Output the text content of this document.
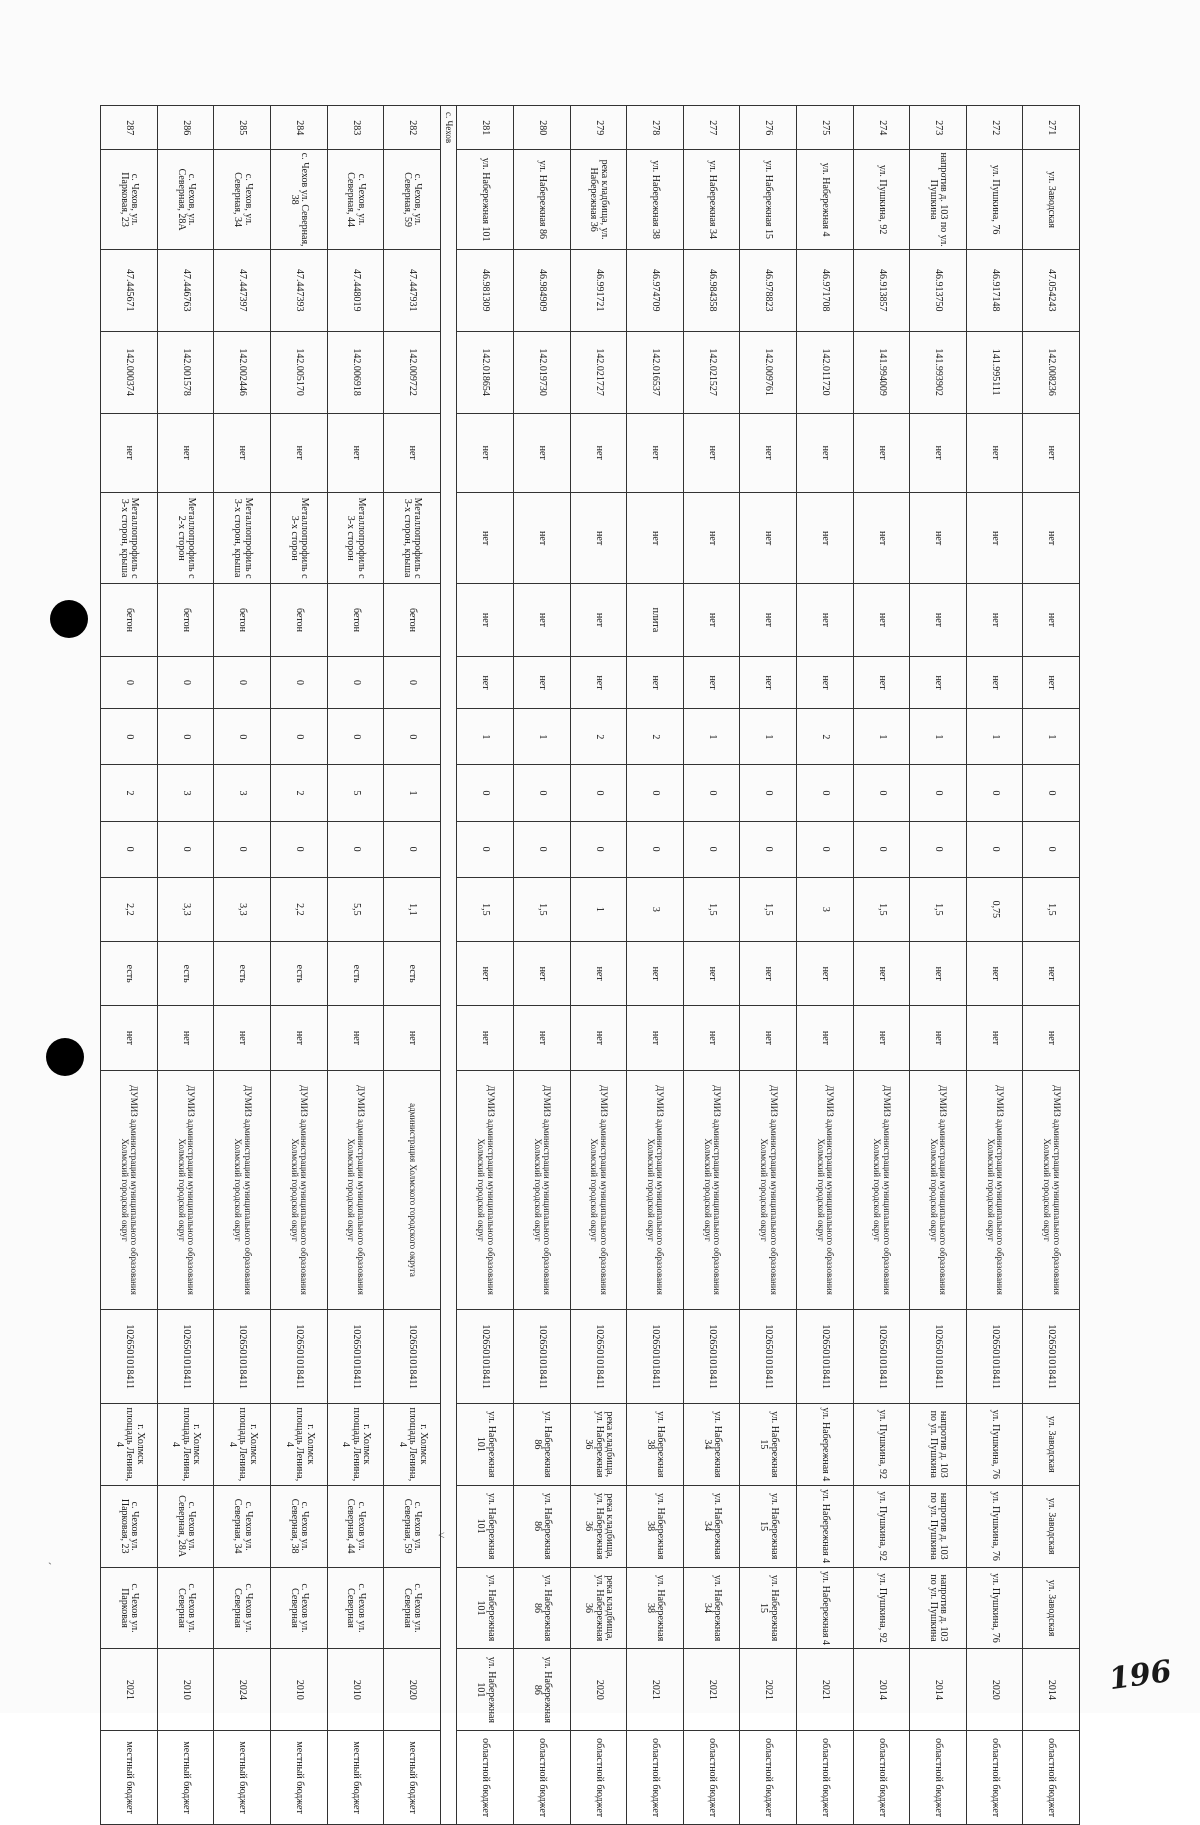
`
<
271	ул. Заводская	47.054243	142.008236	нет	нет	нет	нет	1	0	0	1,5	нет	нет	ДУМИЗ администрации муниципального образования Холмский городской округ	1026501018411	ул. Заводская	ул. Заводская	ул. Заводская	2014	областной бюджет
272	ул. Пушкина, 76	46.917148	141.995111	нет	нет	нет	нет	1	0	0	0,75	нет	нет	ДУМИЗ администрации муниципального образования Холмский городской округ	1026501018411	ул. Пушкина, 76	ул. Пушкина, 76	ул. Пушкина, 76	2020	областной бюджет
273	напротив д. 103 по ул. Пушкина	46.913750	141.993902	нет	нет	нет	нет	1	0	0	1,5	нет	нет	ДУМИЗ администрации муниципального образования Холмский городской округ	1026501018411	напротив д. 103 по ул. Пушкина	напротив д. 103 по ул. Пушкина	напротив д. 103 по ул. Пушкина	2014	областной бюджет
274	ул. Пушкина, 92	46.913857	141.994009	нет	нет	нет	нет	1	0	0	1,5	нет	нет	ДУМИЗ администрации муниципального образования Холмский городской округ	1026501018411	ул. Пушкина, 92	ул. Пушкина, 92	ул. Пушкина, 92	2014	областной бюджет
275	ул. Набережная 4	46.971708	142.011720	нет	нет	нет	нет	2	0	0	3	нет	нет	ДУМИЗ администрации муниципального образования Холмский городской округ	1026501018411	ул. Набережная 4	ул. Набережная 4	ул. Набережная 4	2021	областной бюджет
276	ул. Набережная 15	46.978823	142.009761	нет	нет	нет	нет	1	0	0	1,5	нет	нет	ДУМИЗ администрации муниципального образования Холмский городской округ	1026501018411	ул. Набережная 15	ул. Набережная 15	ул. Набережная 15	2021	областной бюджет
277	ул. Набережная 34	46.984358	142.021527	нет	нет	нет	нет	1	0	0	1,5	нет	нет	ДУМИЗ администрации муниципального образования Холмский городской округ	1026501018411	ул. Набережная 34	ул. Набережная 34	ул. Набережная 34	2021	областной бюджет
278	ул. Набережная 38	46.974709	142.016537	нет	нет	плита	нет	2	0	0	3	нет	нет	ДУМИЗ администрации муниципального образования Холмский городской округ	1026501018411	ул. Набережная 38	ул. Набережная 38	ул. Набережная 38	2021	областной бюджет
279	река кладбища, ул. Набережная 36	46.991721	142.021727	нет	нет	нет	нет	2	0	0	1	нет	нет	ДУМИЗ администрации муниципального образования Холмский городской округ	1026501018411	река кладбища, ул. Набережная 36	река кладбища, ул. Набережная 36	река кладбища, ул. Набережная 36	2020	областной бюджет
280	ул. Набережная 86	46.984909	142.019730	нет	нет	нет	нет	1	0	0	1,5	нет	нет	ДУМИЗ администрации муниципального образования Холмский городской округ	1026501018411	ул. Набережная 86	ул. Набережная 86	ул. Набережная 86	ул. Набережная 86	областной бюджет
281	ул. Набережная 101	46.981309	142.018654	нет	нет	нет	нет	1	0	0	1,5	нет	нет	ДУМИЗ администрации муниципального образования Холмский городской округ	1026501018411	ул. Набережная 101	ул. Набережная 101	ул. Набережная 101	ул. Набережная 101	областной бюджет
с. Чехов																				
282	с. Чехов, ул. Северная, 59	47.447931	142.009722	нет	Металлопрофиль с 3-х сторон, крыша	бетон	0	0	1	0	1,1	есть	нет	администрация Холмского городского округа	1026501018411	г. Холмск площадь Ленина, 4	с. Чехов ул. Северная, 59	с. Чехов ул. Северная	2020	местный бюджет
283	с. Чехов, ул. Северная, 44	47.448019	142.006918	нет	Металлопрофиль с 3-х сторон	бетон	0	0	5	0	5,5	есть	нет	ДУМИЗ администрации муниципального образования Холмский городской округ	1026501018411	г. Холмск площадь Ленина, 4	с. Чехов ул. Северная, 44	с. Чехов ул. Северная	2010	местный бюджет
284	с. Чехов ул. Северная, 38	47.447393	142.005170	нет	Металлопрофиль с 3-х сторон	бетон	0	0	2	0	2,2	есть	нет	ДУМИЗ администрации муниципального образования Холмский городской округ	1026501018411	г. Холмск площадь Ленина, 4	с. Чехов ул. Северная, 38	с. Чехов ул. Северная	2010	местный бюджет
285	с. Чехов, ул. Северная, 34	47.447397	142.002446	нет	Металлопрофиль с 3-х сторон, крыша	бетон	0	0	3	0	3,3	есть	нет	ДУМИЗ администрации муниципального образования Холмский городской округ	1026501018411	г. Холмск площадь Ленина, 4	с. Чехов ул. Северная, 34	с. Чехов ул. Северная	2024	местный бюджет
286	с. Чехов, ул. Северная, 28А	47.446763	142.001578	нет	Металлопрофиль с 2-х сторон	бетон	0	0	3	0	3,3	есть	нет	ДУМИЗ администрации муниципального образования Холмский городской округ	1026501018411	г. Холмск площадь Ленина, 4	с. Чехов ул. Северная, 28А	с. Чехов ул. Северная	2010	местный бюджет
287	с. Чехов, ул. Парковая, 23	47.445671	142.000374	нет	Металлопрофиль с 3-х сторон, крыша	бетон	0	0	2	0	2,2	есть	нет	ДУМИЗ администрации муниципального образования Холмский городской округ	1026501018411	г. Холмск площадь Ленина, 4	с. Чехов ул. Парковая, 23	с. Чехов ул. Парковая	2021	местный бюджет
196
